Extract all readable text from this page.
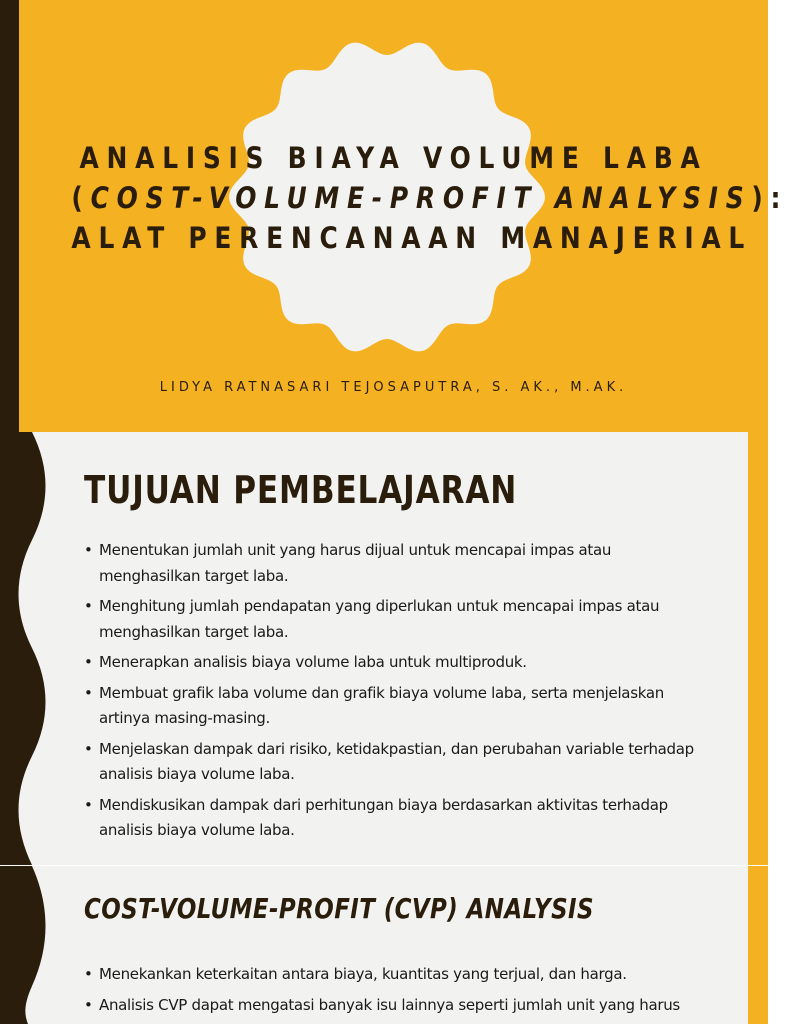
ANALISIS BIAYA VOLUME LABA
(COST-VOLUME-PROFIT ANALYSIS):
ALAT PERENCANAAN MANAJERIAL
LIDYA RATNASARI TEJOSAPUTRA, S. AK., M.AK.
TUJUAN PEMBELAJARAN
• Menentukan jumlah unit yang harus dijual untuk mencapai impas atau menghasilkan target laba.
• Menghitung jumlah pendapatan yang diperlukan untuk mencapai impas atau menghasilkan target laba.
• Menerapkan analisis biaya volume laba untuk multiproduk.
• Membuat grafik laba volume dan grafik biaya volume laba, serta menjelaskan artinya masing-masing.
• Menjelaskan dampak dari risiko, ketidakpastian, dan perubahan variable terhadap analisis biaya volume laba.
• Mendiskusikan dampak dari perhitungan biaya berdasarkan aktivitas terhadap analisis biaya volume laba.
COST-VOLUME-PROFIT (CVP) ANALYSIS
• Menekankan keterkaitan antara biaya, kuantitas yang terjual, dan harga.
• Analisis CVP dapat mengatasi banyak isu lainnya seperti jumlah unit yang harus
